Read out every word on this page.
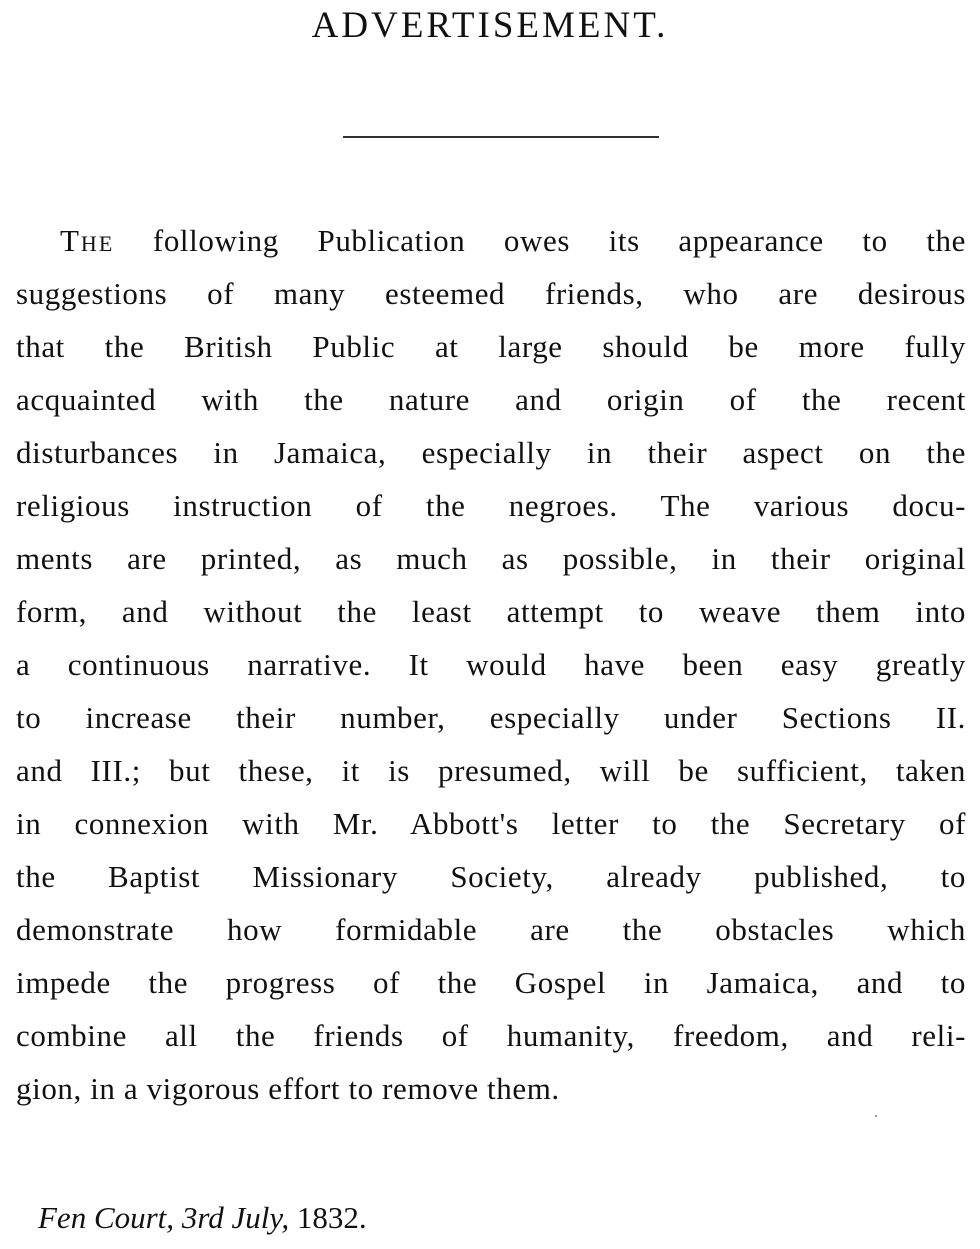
ADVERTISEMENT.
The following Publication owes its appearance to the
suggestions of many esteemed friends, who are desirous
that the British Public at large should be more fully
acquainted with the nature and origin of the recent
disturbances in Jamaica, especially in their aspect on the
religious instruction of the negroes. The various docu-
ments are printed, as much as possible, in their original
form, and without the least attempt to weave them into
a continuous narrative. It would have been easy greatly
to increase their number, especially under Sections II.
and III.; but these, it is presumed, will be sufficient, taken
in connexion with Mr. Abbott's letter to the Secretary of
the Baptist Missionary Society, already published, to
demonstrate how formidable are the obstacles which
impede the progress of the Gospel in Jamaica, and to
combine all the friends of humanity, freedom, and reli-
gion, in a vigorous effort to remove them.

Fen Court, 3rd July, 1832.
